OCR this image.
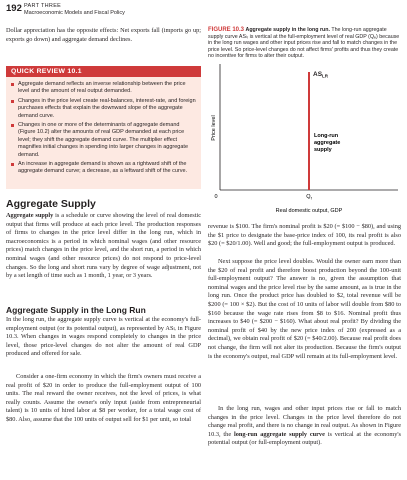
192 PART THREE
Macroeconomic Models and Fiscal Policy
Dollar appreciation has the opposite effects: Net exports fall (imports go up; exports go down) and aggregate demand declines.
QUICK REVIEW 10.1
Aggregate demand reflects an inverse relationship between the price level and the amount of real output demanded.
Changes in the price level create real-balances, interest-rate, and foreign purchases effects that explain the downward slope of the aggregate demand curve.
Changes in one or more of the determinants of aggregate demand (Figure 10.2) alter the amounts of real GDP demanded at each price level; they shift the aggregate demand curve. The multiplier effect magnifies initial changes in spending into larger changes in aggregate demand.
An increase in aggregate demand is shown as a rightward shift of the aggregate demand curve; a decrease, as a leftward shift of the curve.
Aggregate Supply
Aggregate supply is a schedule or curve showing the level of real domestic output that firms will produce at each price level. The production responses of firms to changes in the price level differ in the long run, which in macroeconomics is a period in which nominal wages (and other resource prices) match changes in the price level, and the short run, a period in which nominal wages (and other resource prices) do not respond to price-level changes. So the long and short runs vary by degree of wage adjustment, not by a set length of time such as 1 month, 1 year, or 3 years.
Aggregate Supply in the Long Run
In the long run, the aggregate supply curve is vertical at the economy's full-employment output (or its potential output), as represented by ASₗᵣ in Figure 10.3. When changes in wages respond completely to changes in the price level, those price-level changes do not alter the amount of real GDP produced and offered for sale.
Consider a one-firm economy in which the firm's owners must receive a real profit of $20 in order to produce the full-employment output of 100 units. The real reward the owner receives, not the level of prices, is what really counts. Assume the owner's only input (aside from entrepreneurial talent) is 10 units of hired labor at $8 per worker, for a total wage cost of $80. Also, assume that the 100 units of output sell for $1 per unit, so total
FIGURE 10.3 Aggregate supply in the long run. The long-run aggregate supply curve ASₗᵣ is vertical at the full-employment level of real GDP (Qₑ) because in the long run wages and other input prices rise and fall to match changes in the price level. So price-level changes do not affect firms' profits and thus they create no incentive for firms to alter their output.
Price level
Real domestic output, GDP
0
$AS_{LR}$
Long-run
aggregate
supply
$Q_f$
revenue is $100. The firm's nominal profit is $20 (= $100 − $80), and using the $1 price to designate the base-price index of 100, its real profit is also $20 (= $20/1.00). Well and good; the full-employment output is produced.
Next suppose the price level doubles. Would the owner earn more than the $20 of real profit and therefore boost production beyond the 100-unit full-employment output? The answer is no, given the assumption that nominal wages and the price level rise by the same amount, as is true in the long run. Once the product price has doubled to $2, total revenue will be $200 (= 100 × $2). But the cost of 10 units of labor will double from $80 to $160 because the wage rate rises from $8 to $16. Nominal profit thus increases to $40 (= $200 − $160). What about real profit? By dividing the nominal profit of $40 by the new price index of 200 (expressed as a decimal), we obtain real profit of $20 (= $40/2.00). Because real profit does not change, the firm will not alter its production. Because the firm's output is the economy's output, real GDP will remain at its full-employment level.
In the long run, wages and other input prices rise or fall to match changes in the price level. Changes in the price level therefore do not change real profit, and there is no change in real output. As shown in Figure 10.3, the long-run aggregate supply curve is vertical at the economy's potential output (or full-employment output).
